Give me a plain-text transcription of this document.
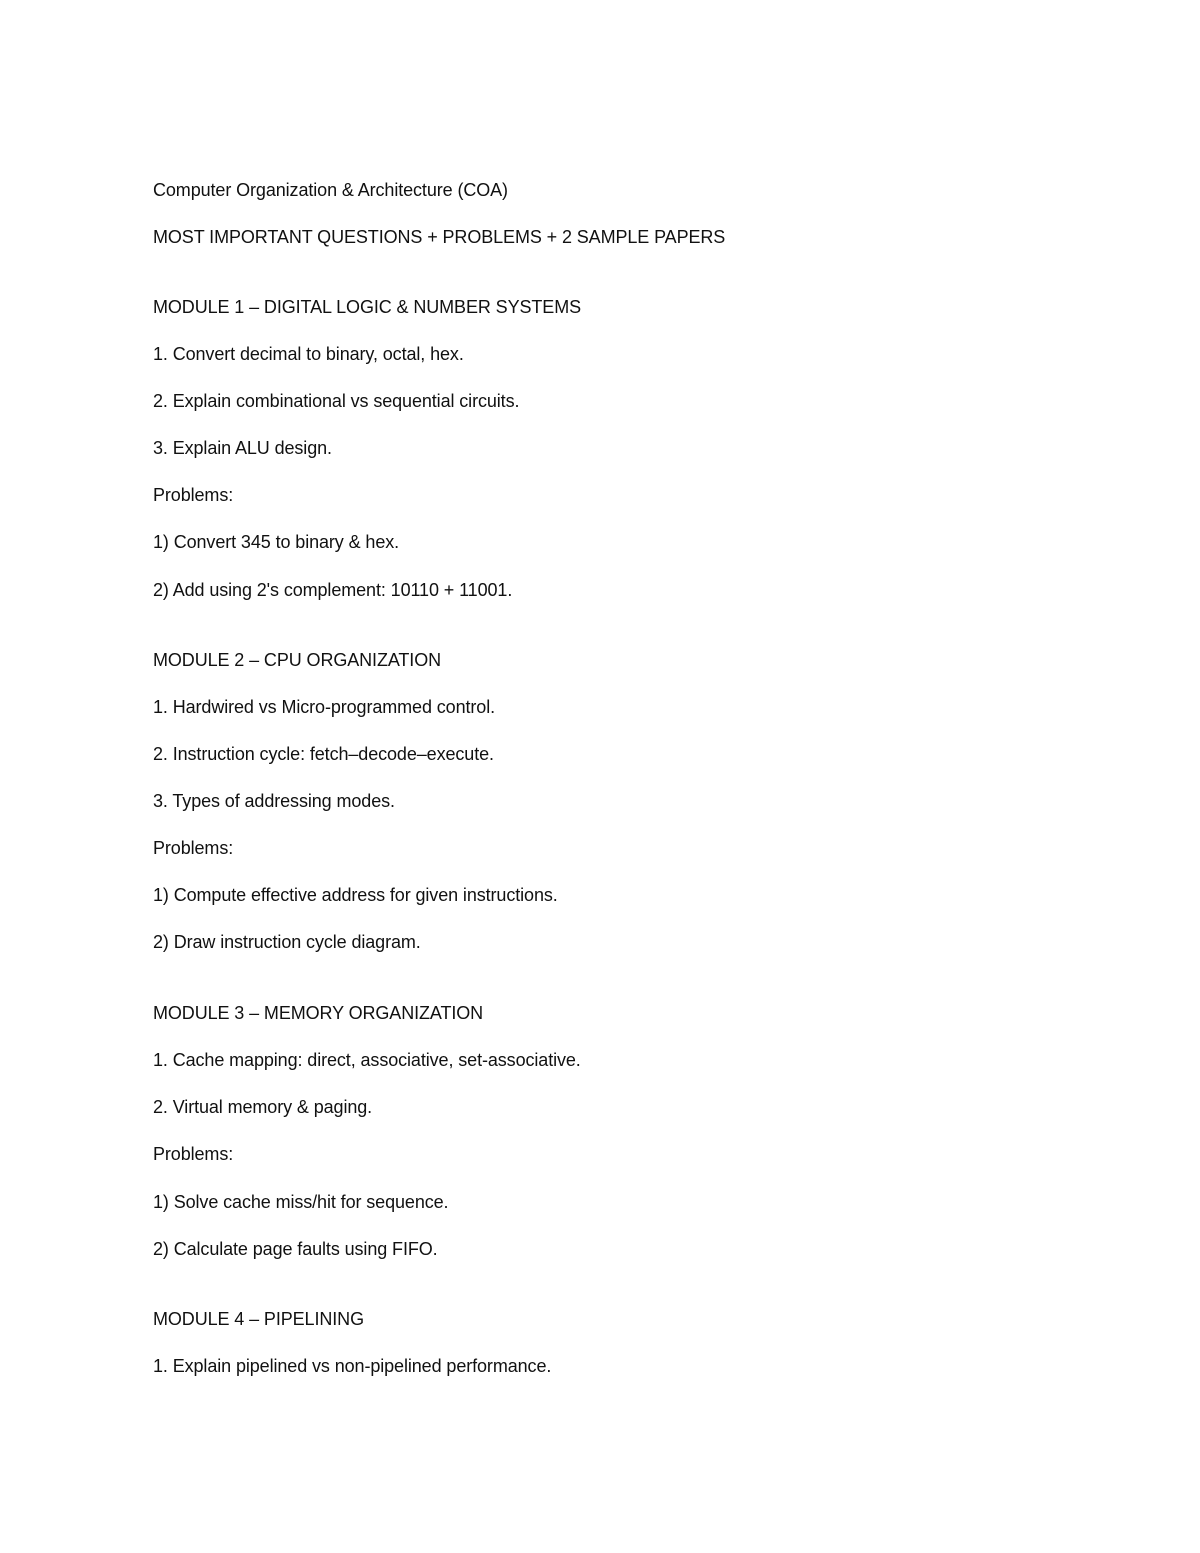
Computer Organization & Architecture (COA)
MOST IMPORTANT QUESTIONS + PROBLEMS + 2 SAMPLE PAPERS
MODULE 1 – DIGITAL LOGIC & NUMBER SYSTEMS
1. Convert decimal to binary, octal, hex.
2. Explain combinational vs sequential circuits.
3. Explain ALU design.
Problems:
1) Convert 345 to binary & hex.
2) Add using 2's complement: 10110 + 11001.
MODULE 2 – CPU ORGANIZATION
1. Hardwired vs Micro-programmed control.
2. Instruction cycle: fetch–decode–execute.
3. Types of addressing modes.
Problems:
1) Compute effective address for given instructions.
2) Draw instruction cycle diagram.
MODULE 3 – MEMORY ORGANIZATION
1. Cache mapping: direct, associative, set-associative.
2. Virtual memory & paging.
Problems:
1) Solve cache miss/hit for sequence.
2) Calculate page faults using FIFO.
MODULE 4 – PIPELINING
1. Explain pipelined vs non-pipelined performance.
